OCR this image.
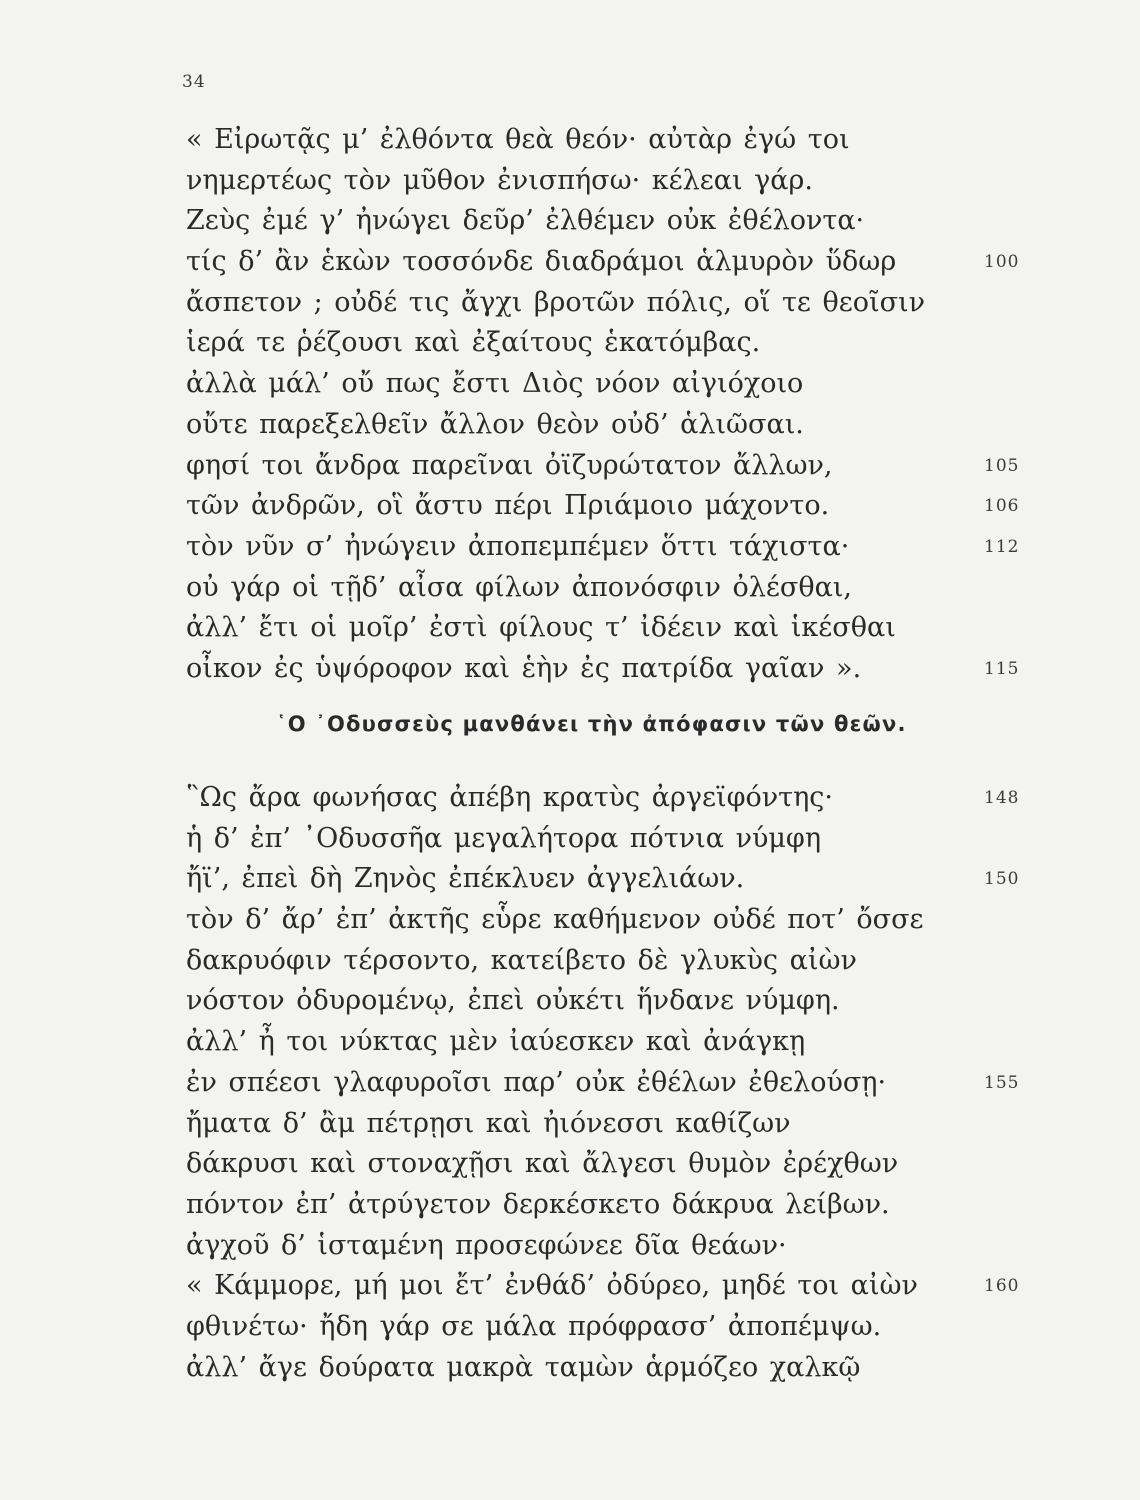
34
« Εἰρωτᾷς μ’ ἐλθόντα θεὰ θεόν· αὐτὰρ ἐγώ τοι
νημερτέως τὸν μῦθον ἐνισπήσω· κέλεαι γάρ.
Ζεὺς ἐμέ γ’ ἠνώγει δεῦρ’ ἐλθέμεν οὐκ ἐθέλοντα·
τίς δ’ ἂν ἑκὼν τοσσόνδε διαδράμοι ἁλμυρὸν ὕδωρ	100
ἄσπετον ; οὐδέ τις ἄγχι βροτῶν πόλις, οἵ τε θεοῖσιν
ἱερά τε ῥέζουσι καὶ ἐξαίτους ἑκατόμβας.
ἀλλὰ μάλ’ οὔ πως ἔστι Διὸς νόον αἰγιόχοιο
οὔτε παρεξελθεῖν ἄλλον θεὸν οὐδ’ ἁλιῶσαι.
φησί τοι ἄνδρα παρεῖναι ὀϊζυρώτατον ἄλλων,	105
τῶν ἀνδρῶν, οἳ ἄστυ πέρι Πριάμοιο μάχοντο.	106
τὸν νῦν σ’ ἠνώγειν ἀποπεμπέμεν ὅττι τάχιστα·	112
οὐ γάρ οἱ τῇδ’ αἶσα φίλων ἀπονόσφιν ὀλέσθαι,
ἀλλ’ ἔτι οἱ μοῖρ’ ἐστὶ φίλους τ’ ἰδέειν καὶ ἱκέσθαι
οἶκον ἐς ὑψόροφον καὶ ἑὴν ἐς πατρίδα γαῖαν ».	115
῾Ο ᾿Οδυσσεὺς μανθάνει τὴν ἀπόφασιν τῶν θεῶν.
῝Ως ἄρα φωνήσας ἀπέβη κρατὺς ἀργεϊφόντης·	148
ἡ δ’ ἐπ’ ᾿Οδυσσῆα μεγαλήτορα πότνια νύμφη
ἤϊ’, ἐπεὶ δὴ Ζηνὸς ἐπέκλυεν ἀγγελιάων.	150
τὸν δ’ ἄρ’ ἐπ’ ἀκτῆς εὗρε καθήμενον οὐδέ ποτ’ ὄσσε
δακρυόφιν τέρσοντο, κατείβετο δὲ γλυκὺς αἰὼν
νόστον ὀδυρομένῳ, ἐπεὶ οὐκέτι ἥνδανε νύμφη.
ἀλλ’ ἦ τοι νύκτας μὲν ἰαύεσκεν καὶ ἀνάγκῃ
ἐν σπέεσι γλαφυροῖσι παρ’ οὐκ ἐθέλων ἐθελούσῃ·	155
ἤματα δ’ ἂμ πέτρῃσι καὶ ἠιόνεσσι καθίζων
δάκρυσι καὶ στοναχῇσι καὶ ἄλγεσι θυμὸν ἐρέχθων
πόντον ἐπ’ ἀτρύγετον δερκέσκετο δάκρυα λείβων.
ἀγχοῦ δ’ ἱσταμένη προσεφώνεε δῖα θεάων·
« Κάμμορε, μή μοι ἔτ’ ἐνθάδ’ ὀδύρεο, μηδέ τοι αἰὼν	160
φθινέτω· ἤδη γάρ σε μάλα πρόφρασσ’ ἀποπέμψω.
ἀλλ’ ἄγε δούρατα μακρὰ ταμὼν ἁρμόζεο χαλκῷ
